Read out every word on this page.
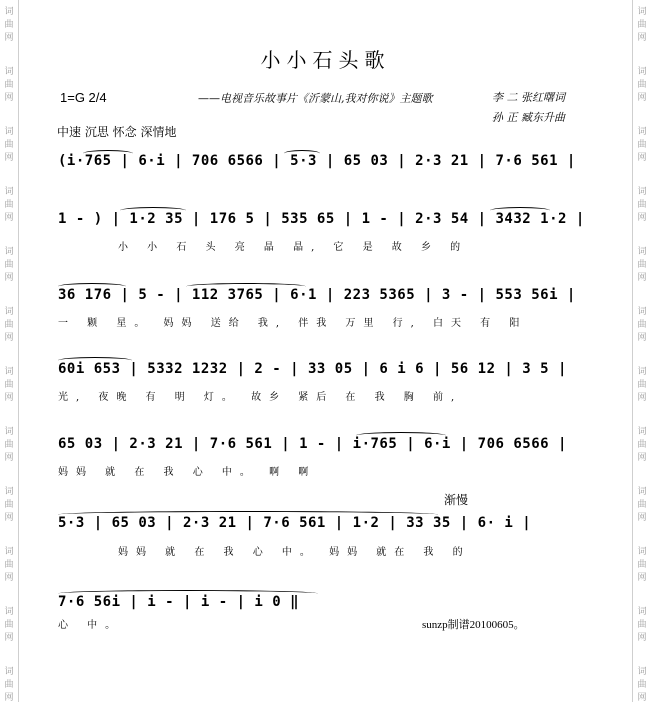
词
曲
网
词
曲
网
词
曲
网
词
曲
网
词
曲
网
词
曲
网
词
曲
网
词
曲
网
词
曲
网
词
曲
网
词
曲
网
词
曲
网
词
曲
网
词
曲
网
词
曲
网
词
曲
网
词
曲
网
词
曲
网
词
曲
网
词
曲
网
词
曲
网
词
曲
网
词
曲
网
词
曲
网
小小石头歌
1=G 2/4	——电视音乐故事片《沂蒙山,我对你说》主题歌	李 二 张红曙词
孙 正 臧东升曲
中速 沉思 怀念 深情地
(i·765 | 6·i | 706 6566 | 5·3 | 65 03 | 2·3 21 | 7·6 561 |
1 - ) | 1·2 35 | 176 5 | 535 65 | 1 - | 2·3 54 | 3432 1·2 |
小 小 石 头 亮 晶 晶, 它 是 故 乡 的
36 176 | 5 - | 112 3765 | 6·1 | 223 5365 | 3 - | 553 56i |
一 颗 星。 妈妈 送给 我, 伴我 万里 行, 白天 有 阳
60i 653 | 5332 1232 | 2 - | 33 05 | 6 i 6 | 56 12 | 3 5 |
光, 夜晚 有 明 灯。 故乡 紧后 在 我 胸 前,
65 03 | 2·3 21 | 7·6 561 | 1 - | i·765 | 6·i | 706 6566 |
妈妈 就 在 我 心 中。 啊 啊
渐慢
5·3 | 65 03 | 2·3 21 | 7·6 561 | 1·2 | 33 35 | 6· i |
妈妈 就 在 我 心 中。 妈妈 就在 我 的
7·6 56i | i - | i - | i 0 ‖
心 中。	sunzp制谱20100605。
